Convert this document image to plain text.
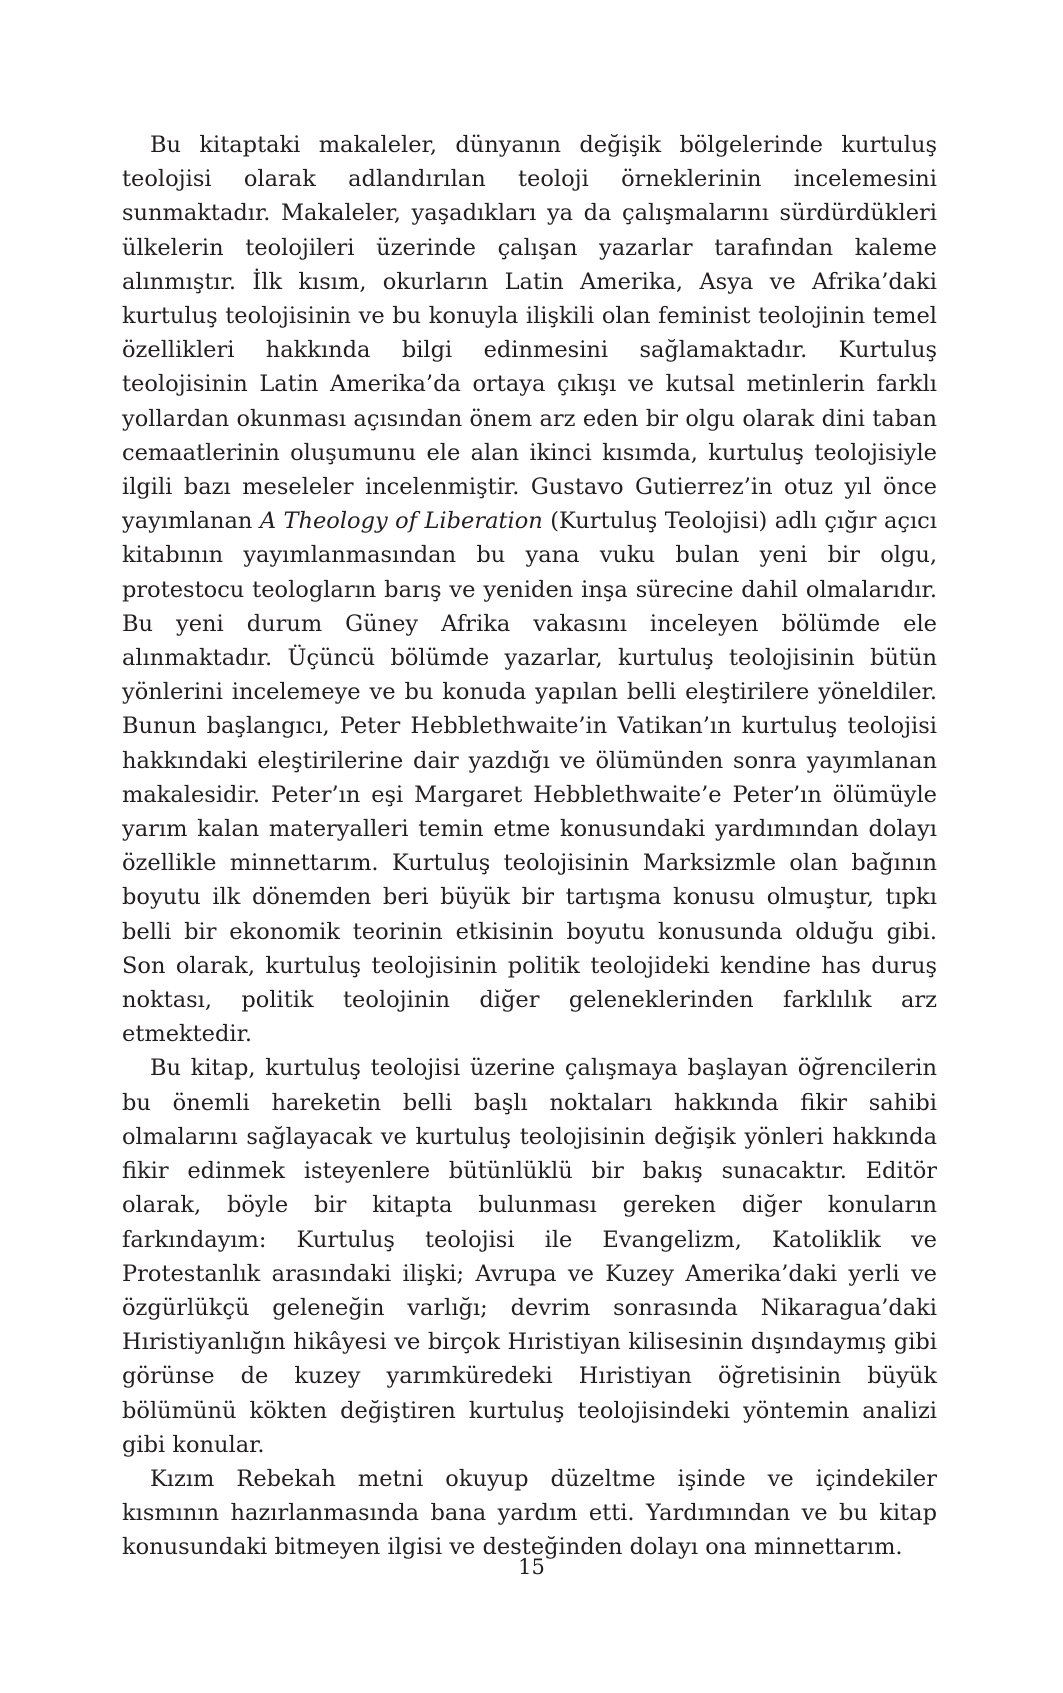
Bu kitaptaki makaleler, dünyanın değişik bölgelerinde kurtuluş teolojisi olarak adlandırılan teoloji örneklerinin incelemesini sunmaktadır. Makaleler, yaşadıkları ya da çalışmalarını sürdürdükleri ülkelerin teolojileri üzerinde çalışan yazarlar tarafından kaleme alınmıştır. İlk kısım, okurların Latin Amerika, Asya ve Afrika’daki kurtuluş teolojisinin ve bu konuyla ilişkili olan feminist teolojinin temel özellikleri hakkında bilgi edinmesini sağlamaktadır. Kurtuluş teolojisinin Latin Amerika’da ortaya çıkışı ve kutsal metinlerin farklı yollardan okunması açısından önem arz eden bir olgu olarak dini taban cemaatlerinin oluşumunu ele alan ikinci kısımda, kurtuluş teolojisiyle ilgili bazı meseleler incelenmiştir. Gustavo Gutierrez’in otuz yıl önce yayımlanan A Theology of Liberation (Kurtuluş Teolojisi) adlı çığır açıcı kitabının yayımlanmasından bu yana vuku bulan yeni bir olgu, protestocu teologların barış ve yeniden inşa sürecine dahil olmalarıdır. Bu yeni durum Güney Afrika vakasını inceleyen bölümde ele alınmaktadır. Üçüncü bölümde yazarlar, kurtuluş teolojisinin bütün yönlerini incelemeye ve bu konuda yapılan belli eleştirilere yöneldiler. Bunun başlangıcı, Peter Hebblethwaite’in Vatikan’ın kurtuluş teolojisi hakkındaki eleştirilerine dair yazdığı ve ölümünden sonra yayımlanan makalesidir. Peter’ın eşi Margaret Hebblethwaite’e Peter’ın ölümüyle yarım kalan materyalleri temin etme konusundaki yardımından dolayı özellikle minnettarım. Kurtuluş teolojisinin Marksizmle olan bağının boyutu ilk dönemden beri büyük bir tartışma konusu olmuştur, tıpkı belli bir ekonomik teorinin etkisinin boyutu konusunda olduğu gibi. Son olarak, kurtuluş teolojisinin politik teolojideki kendine has duruş noktası, politik teolojinin diğer geleneklerinden farklılık arz etmektedir.

Bu kitap, kurtuluş teolojisi üzerine çalışmaya başlayan öğrencilerin bu önemli hareketin belli başlı noktaları hakkında fikir sahibi olmalarını sağlayacak ve kurtuluş teolojisinin değişik yönleri hakkında fikir edinmek isteyenlere bütünlüklü bir bakış sunacaktır. Editör olarak, böyle bir kitapta bulunması gereken diğer konuların farkındayım: Kurtuluş teolojisi ile Evangelizm, Katoliklik ve Protestanlık arasındaki ilişki; Avrupa ve Kuzey Amerika’daki yerli ve özgürlükçü geleneğin varlığı; devrim sonrasında Nikaragua’daki Hıristiyanlığın hikâyesi ve birçok Hıristiyan kilisesinin dışındaymış gibi görünse de kuzey yarımküredeki Hıristiyan öğretisinin büyük bölümünü kökten değiştiren kurtuluş teolojisindeki yöntemin analizi gibi konular.

Kızım Rebekah metni okuyup düzeltme işinde ve içindekiler kısmının hazırlanmasında bana yardım etti. Yardımından ve bu kitap konusundaki bitmeyen ilgisi ve desteğinden dolayı ona minnettarım.

15
